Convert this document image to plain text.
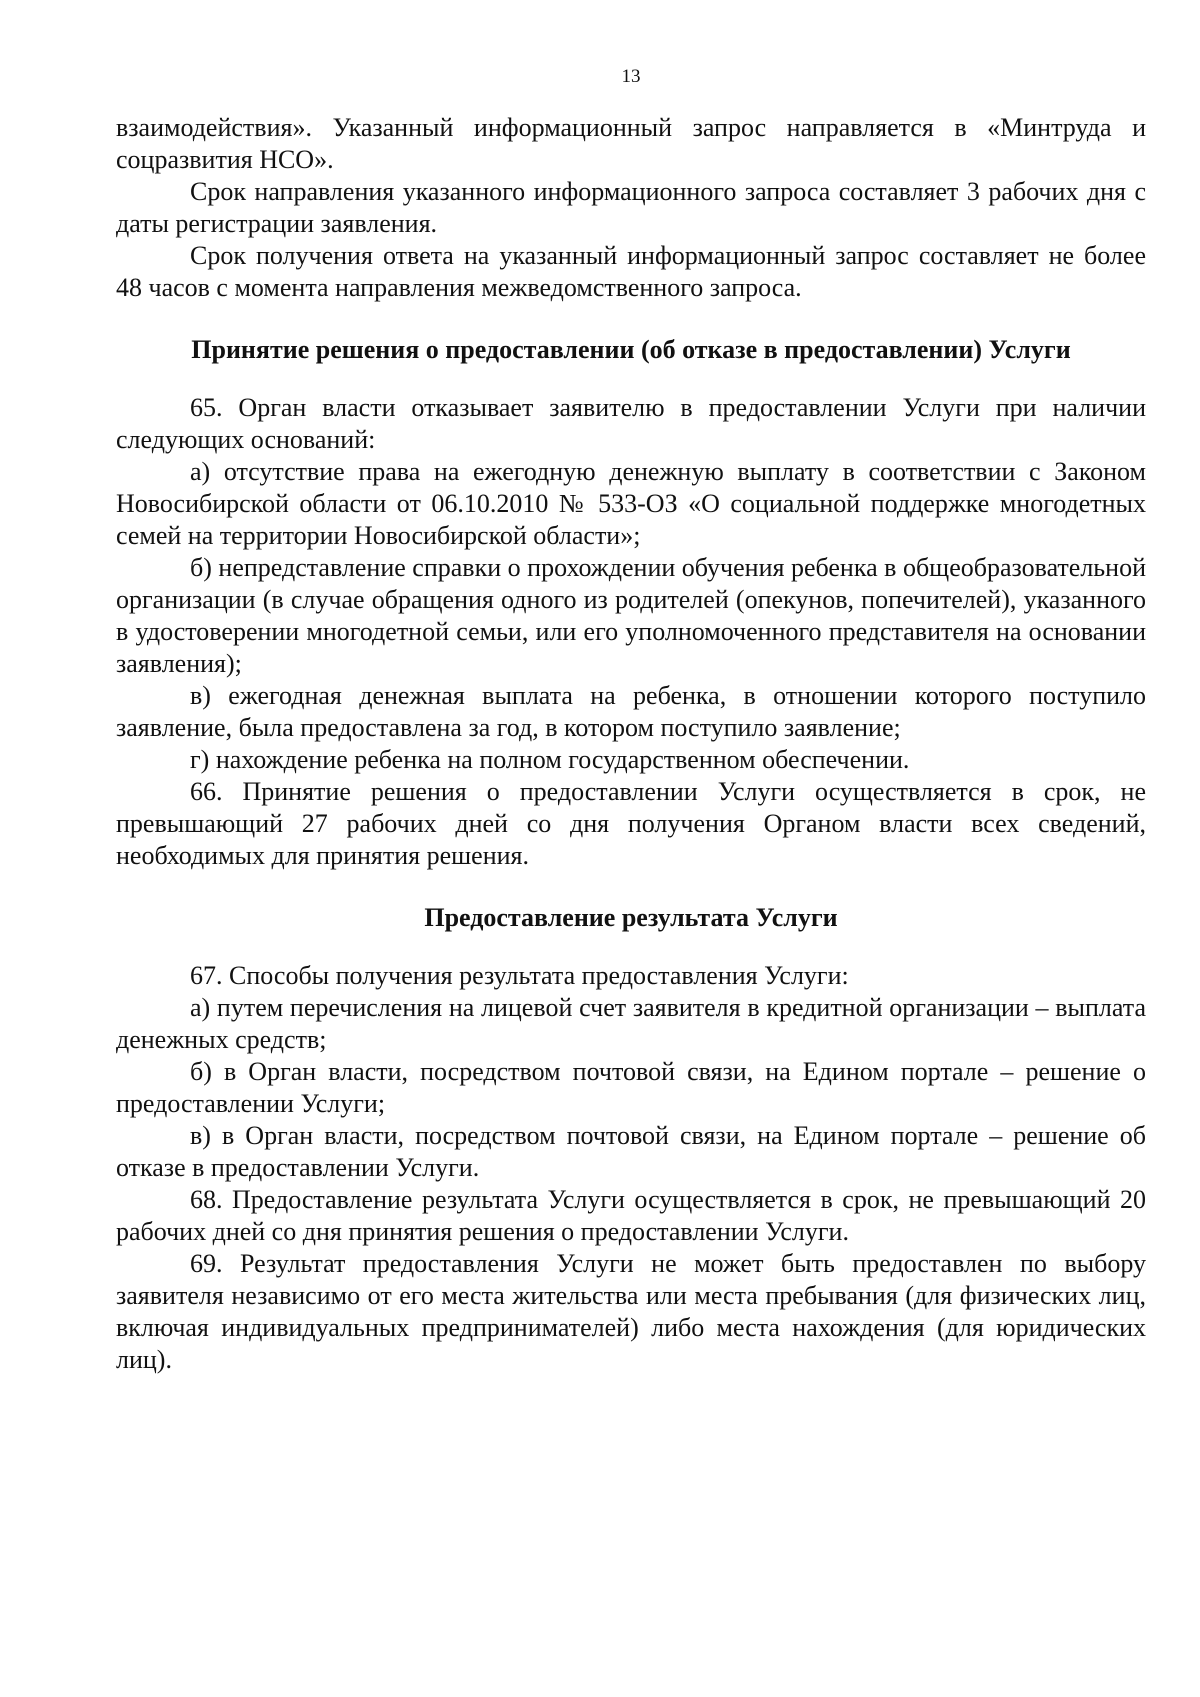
13

взаимодействия». Указанный информационный запрос направляется в «Минтруда и соцразвития НСО».

Срок направления указанного информационного запроса составляет 3 рабочих дня с даты регистрации заявления.

Срок получения ответа на указанный информационный запрос составляет не более 48 часов с момента направления межведомственного запроса.

Принятие решения о предоставлении (об отказе в предоставлении) Услуги

65. Орган власти отказывает заявителю в предоставлении Услуги при наличии следующих оснований:

а) отсутствие права на ежегодную денежную выплату в соответствии с Законом Новосибирской области от 06.10.2010 № 533-ОЗ «О социальной поддержке многодетных семей на территории Новосибирской области»;

б) непредставление справки о прохождении обучения ребенка в общеобразовательной организации (в случае обращения одного из родителей (опекунов, попечителей), указанного в удостоверении многодетной семьи, или его уполномоченного представителя на основании заявления);

в) ежегодная денежная выплата на ребенка, в отношении которого поступило заявление, была предоставлена за год, в котором поступило заявление;

г) нахождение ребенка на полном государственном обеспечении.

66. Принятие решения о предоставлении Услуги осуществляется в срок, не превышающий 27 рабочих дней со дня получения Органом власти всех сведений, необходимых для принятия решения.

Предоставление результата Услуги

67. Способы получения результата предоставления Услуги:

а) путем перечисления на лицевой счет заявителя в кредитной организации – выплата денежных средств;

б) в Орган власти, посредством почтовой связи, на Едином портале – решение о предоставлении Услуги;

в) в Орган власти, посредством почтовой связи, на Едином портале – решение об отказе в предоставлении Услуги.

68. Предоставление результата Услуги осуществляется в срок, не превышающий 20 рабочих дней со дня принятия решения о предоставлении Услуги.

69. Результат предоставления Услуги не может быть предоставлен по выбору заявителя независимо от его места жительства или места пребывания (для физических лиц, включая индивидуальных предпринимателей) либо места нахождения (для юридических лиц).
